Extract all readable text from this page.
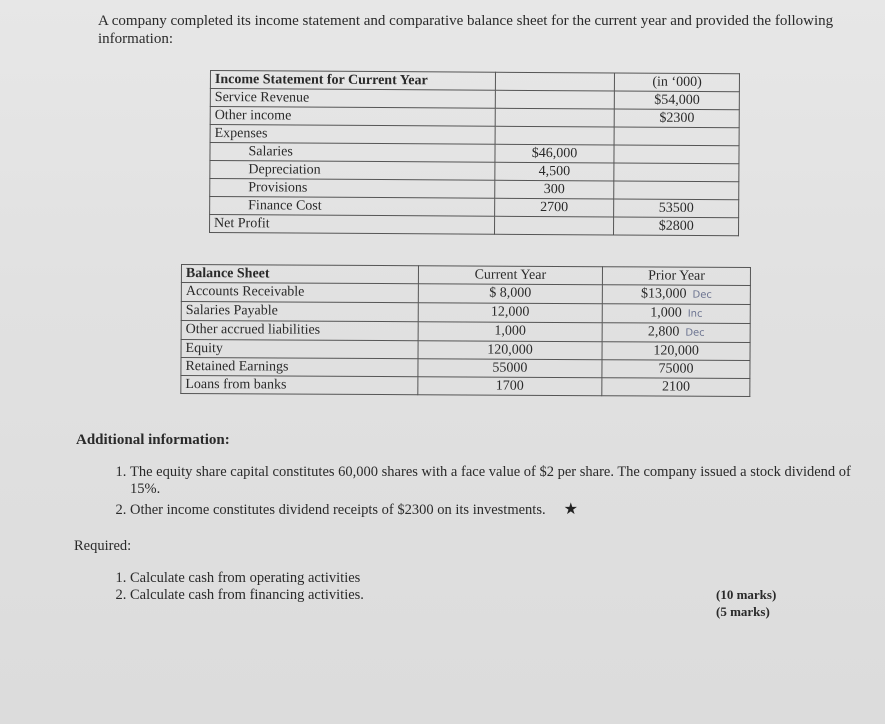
A company completed its income statement and comparative balance sheet for the current year and provided the following information:
Income Statement for Current Year		(in ‘000)
Service Revenue		$54,000
Other income		$2300
Expenses		
Salaries	$46,000	
Depreciation	4,500	
Provisions	300	
Finance Cost	2700	53500
Net Profit		$2800
Balance Sheet	Current Year	Prior Year
Accounts Receivable	$ 8,000	$13,000 Dec
Salaries Payable	12,000	1,000 Inc
Other accrued liabilities	1,000	2,800 Dec
Equity	120,000	120,000
Retained Earnings	55000	75000
Loans from banks	1700	2100
Additional information:
1. The equity share capital constitutes 60,000 shares with a face value of $2 per share. The company issued a stock dividend of 15%.
2. Other income constitutes dividend receipts of $2300 on its investments. ★
Required:
1. Calculate cash from operating activities
2. Calculate cash from financing activities.	(10 marks)
(5 marks)
